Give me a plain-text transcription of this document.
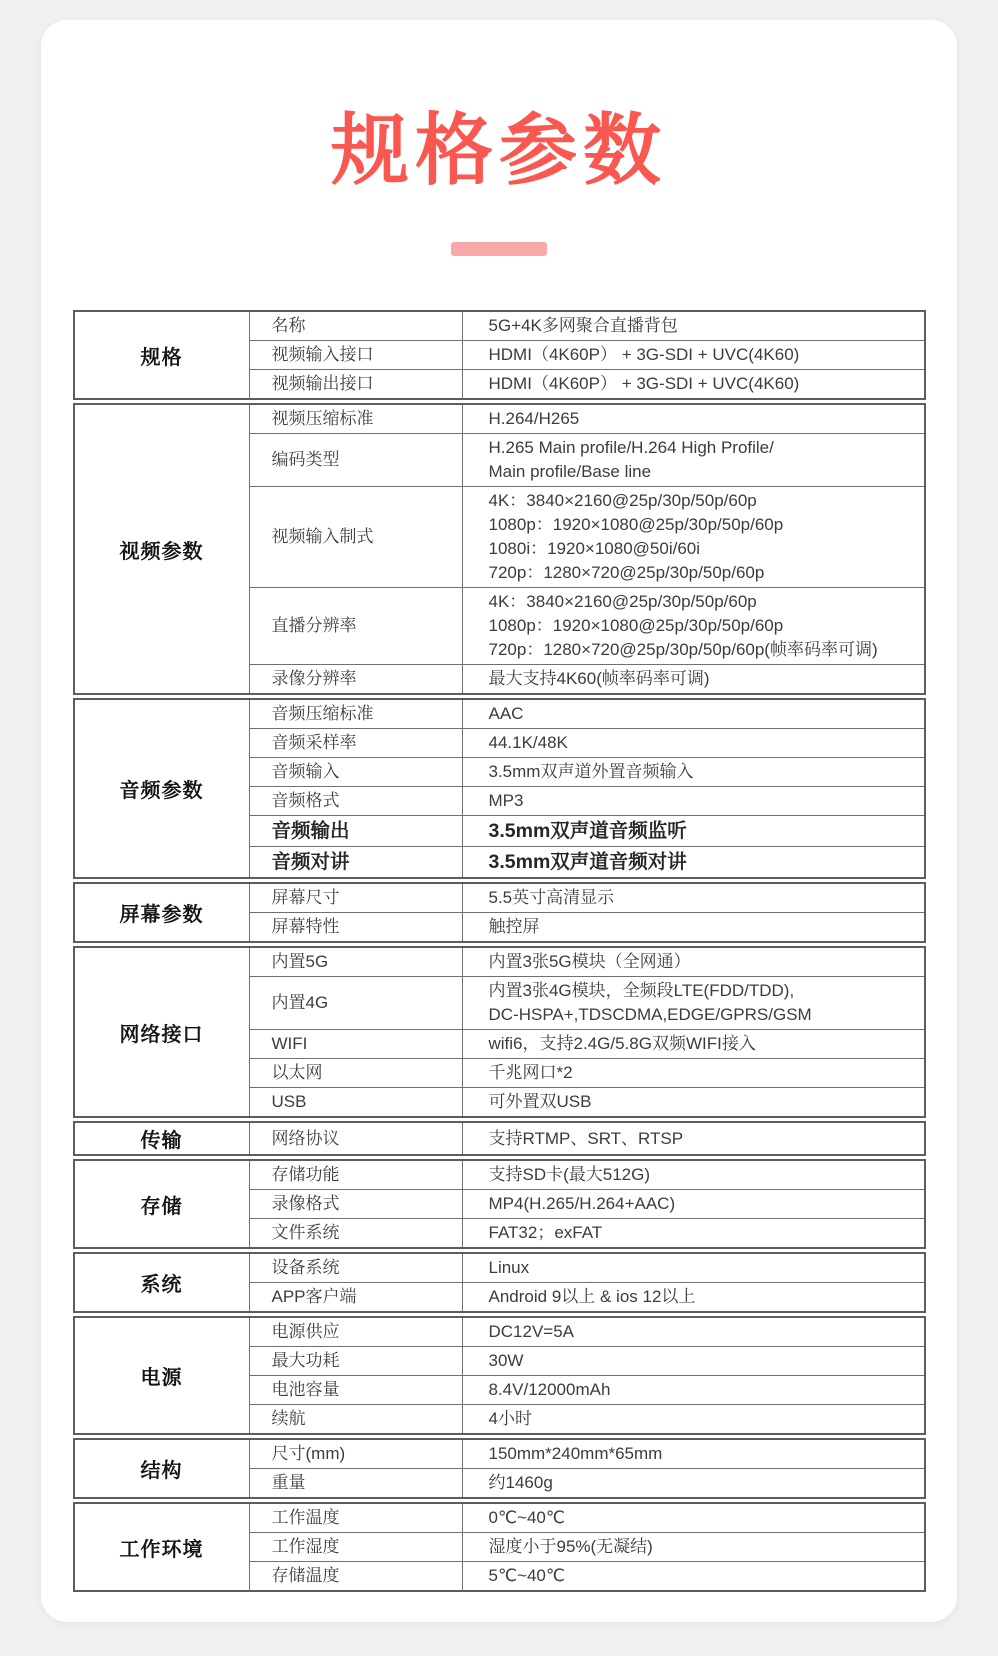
规格参数
规格	名称	5G+4K多网聚合直播背包
	视频输入接口	HDMI（4K60P） + 3G-SDI + UVC(4K60)
	视频输出接口	HDMI（4K60P） + 3G-SDI + UVC(4K60)
视频参数	视频压缩标准	H.264/H265
	编码类型	H.265 Main profile/H.264 High Profile/
Main profile/Base line

	视频输入制式	4K：3840×2160@25p/30p/50p/60p
1080p：1920×1080@25p/30p/50p/60p
1080i：1920×1080@50i/60i
720p：1280×720@25p/30p/50p/60p

	直播分辨率	4K：3840×2160@25p/30p/50p/60p
1080p：1920×1080@25p/30p/50p/60p
720p：1280×720@25p/30p/50p/60p(帧率码率可调)

	录像分辨率	最大支持4K60(帧率码率可调)
音频参数	音频压缩标准	AAC
	音频采样率	44.1K/48K
	音频输入	3.5mm双声道外置音频输入
	音频格式	MP3
	音频输出	3.5mm双声道音频监听
	音频对讲	3.5mm双声道音频对讲
屏幕参数	屏幕尺寸	5.5英寸高清显示
	屏幕特性	触控屏
网络接口	内置5G	内置3张5G模块（全网通）
	内置4G	内置3张4G模块，全频段LTE(FDD/TDD),
DC-HSPA+,TDSCDMA,EDGE/GPRS/GSM

	WIFI	wifi6，支持2.4G/5.8G双频WIFI接入
	以太网	千兆网口*2
	USB	可外置双USB
传输	网络协议	支持RTMP、SRT、RTSP
存储	存储功能	支持SD卡(最大512G)
	录像格式	MP4(H.265/H.264+AAC)
	文件系统	FAT32；exFAT
系统	设备系统	Linux
	APP客户端	Android 9以上 & ios 12以上
电源	电源供应	DC12V=5A
	最大功耗	30W
	电池容量	8.4V/12000mAh
	续航	4小时
结构	尺寸(mm)	150mm*240mm*65mm
	重量	约1460g
工作环境	工作温度	0℃~40℃
	工作湿度	湿度小于95%(无凝结)
	存储温度	5℃~40℃
